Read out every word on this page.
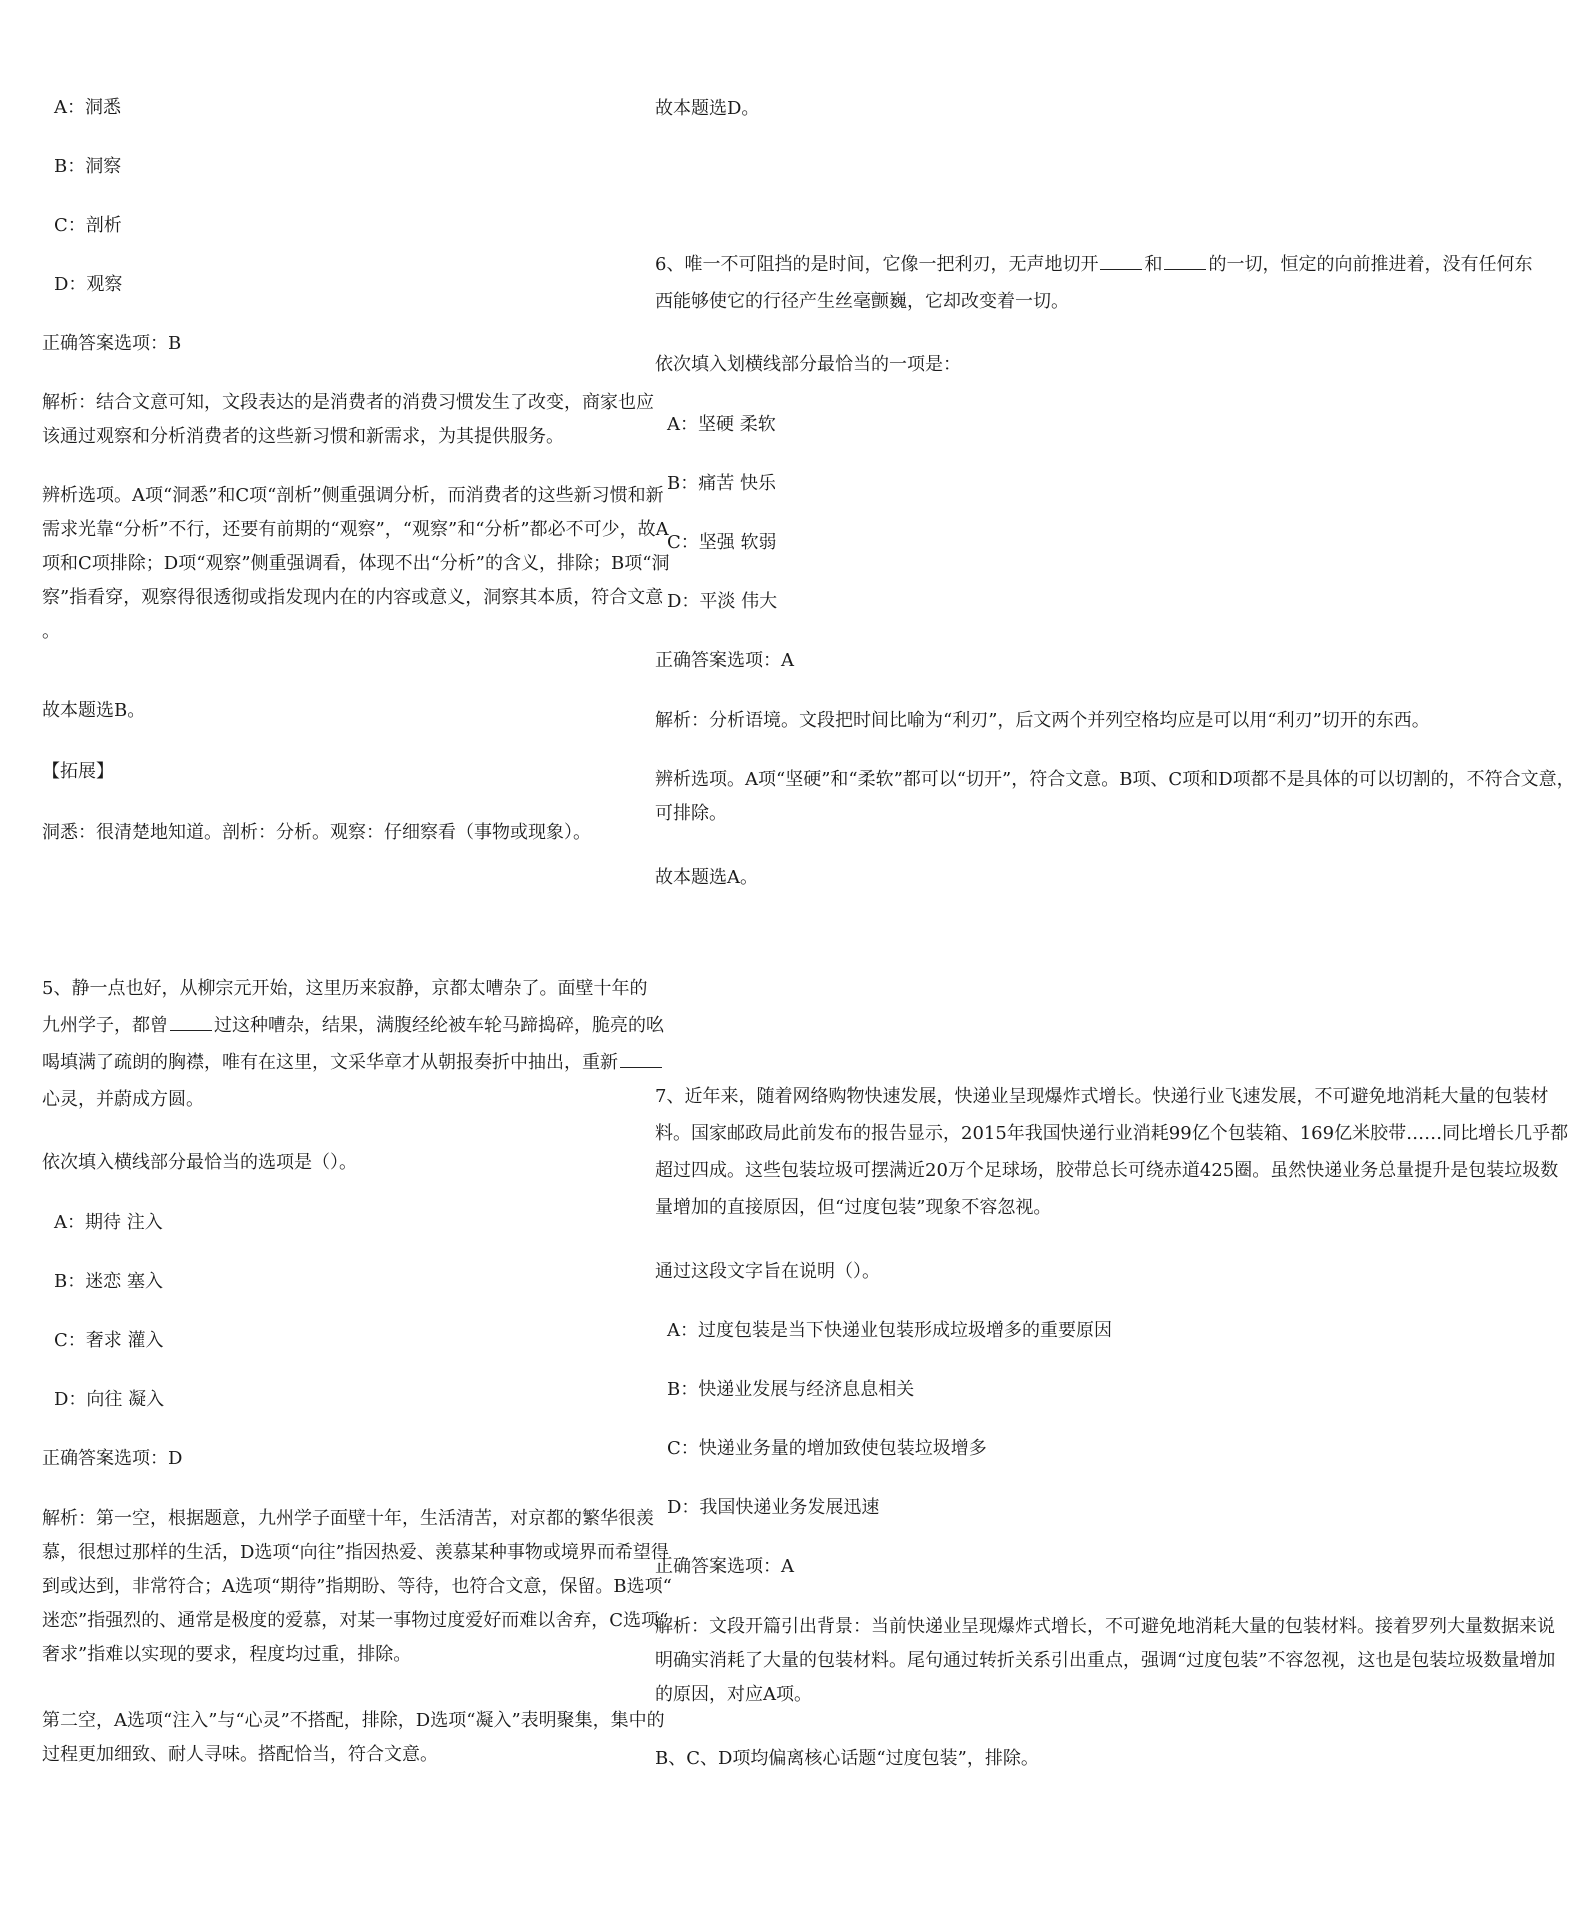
A：洞悉
B：洞察
C：剖析
D：观察
正确答案选项：B
解析：结合文意可知，文段表达的是消费者的消费习惯发生了改变，商家也应
该通过观察和分析消费者的这些新习惯和新需求，为其提供服务。
辨析选项。A项“洞悉”和C项“剖析”侧重强调分析，而消费者的这些新习惯和新
需求光靠“分析”不行，还要有前期的“观察”，“观察”和“分析”都必不可少，故A
项和C项排除；D项“观察”侧重强调看，体现不出“分析”的含义，排除；B项“洞
察”指看穿，观察得很透彻或指发现内在的内容或意义，洞察其本质，符合文意
。
故本题选B。
【拓展】
洞悉：很清楚地知道。剖析：分析。观察：仔细察看（事物或现象）。
5、静一点也好，从柳宗元开始，这里历来寂静，京都太嘈杂了。面壁十年的
九州学子，都曾	过这种嘈杂，结果，满腹经纶被车轮马蹄捣碎，脆亮的吆
喝填满了疏朗的胸襟，唯有在这里，文采华章才从朝报奏折中抽出，重新
心灵，并蔚成方圆。
依次填入横线部分最恰当的选项是（）。
A：期待 注入
B：迷恋 塞入
C：奢求 灌入
D：向往 凝入
正确答案选项：D
解析：第一空，根据题意，九州学子面壁十年，生活清苦，对京都的繁华很羡
慕，很想过那样的生活，D选项“向往”指因热爱、羡慕某种事物或境界而希望得
到或达到，非常符合；A选项“期待”指期盼、等待，也符合文意，保留。B选项“
迷恋”指强烈的、通常是极度的爱慕，对某一事物过度爱好而难以舍弃，C选项“
奢求”指难以实现的要求，程度均过重，排除。
第二空，A选项“注入”与“心灵”不搭配，排除，D选项“凝入”表明聚集，集中的
过程更加细致、耐人寻味。搭配恰当，符合文意。
故本题选D。
6、唯一不可阻挡的是时间，它像一把利刃，无声地切开	和	的一切，恒定的向前推进着，没有任何东
西能够使它的行径产生丝毫颤巍，它却改变着一切。
依次填入划横线部分最恰当的一项是：
A：坚硬 柔软
B：痛苦 快乐
C：坚强 软弱
D：平淡 伟大
正确答案选项：A
解析：分析语境。文段把时间比喻为“利刃”，后文两个并列空格均应是可以用“利刃”切开的东西。
辨析选项。A项“坚硬”和“柔软”都可以“切开”，符合文意。B项、C项和D项都不是具体的可以切割的，不符合文意，
可排除。
故本题选A。
7、近年来，随着网络购物快速发展，快递业呈现爆炸式增长。快递行业飞速发展，不可避免地消耗大量的包装材
料。国家邮政局此前发布的报告显示，2015年我国快递行业消耗99亿个包装箱、169亿米胶带……同比增长几乎都
超过四成。这些包装垃圾可摆满近20万个足球场，胶带总长可绕赤道425圈。虽然快递业务总量提升是包装垃圾数
量增加的直接原因，但“过度包装”现象不容忽视。
通过这段文字旨在说明（）。
A：过度包装是当下快递业包装形成垃圾增多的重要原因
B：快递业发展与经济息息相关
C：快递业务量的增加致使包装垃圾增多
D：我国快递业务发展迅速
正确答案选项：A
解析：文段开篇引出背景：当前快递业呈现爆炸式增长，不可避免地消耗大量的包装材料。接着罗列大量数据来说
明确实消耗了大量的包装材料。尾句通过转折关系引出重点，强调“过度包装”不容忽视，这也是包装垃圾数量增加
的原因，对应A项。
B、C、D项均偏离核心话题“过度包装”，排除。
